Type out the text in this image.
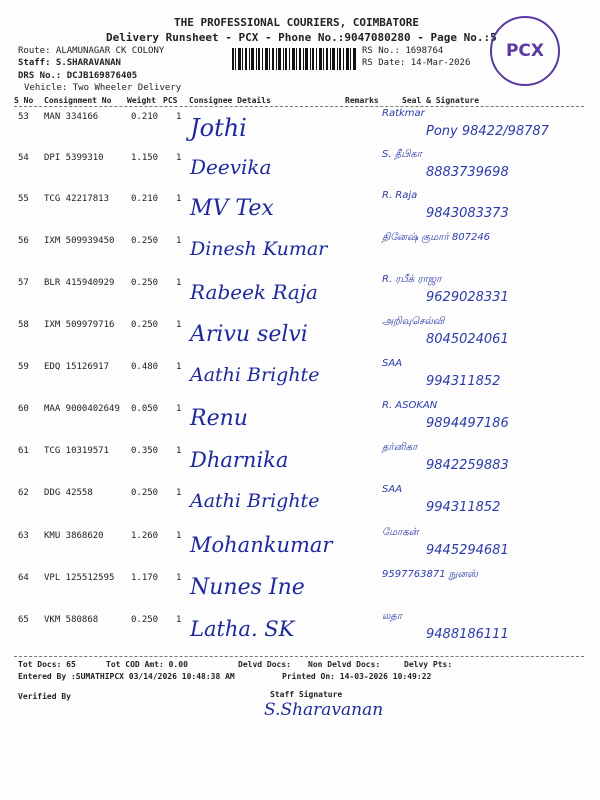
THE PROFESSIONAL COURIERS, COIMBATORE
Delivery Runsheet - PCX - Phone No.:9047080280 - Page No.:5
Route: ALAMUNAGAR CK COLONY
Staff: S.SHARAVANAN
DRS No.: DCJB169876405
Vehicle: Two Wheeler Delivery
RS No.: 1698764
RS Date: 14-Mar-2026
PCX
S No Consignment No Weight PCS Consignee Details	Remarks	Seal & Signature
53 MAN 334166	0.210 1 Jothi
Ratkmar
Pony 98422/98787
54 DPI 5399310	1.150 1 Deevika
S. தீபிகா
8883739698
55 TCG 42217813 0.210 1 MV Tex
R. Raja
9843083373
56 IXM 509939450 0.250 1 Dinesh Kumar
தினேஷ் குமார் 807246
57 BLR 415940929 0.250 1 Rabeek Raja
R. ரபீக் ராஜா
9629028331
58 IXM 509979716 0.250 1 Arivu selvi
அறிவுசெல்வி
8045024061
59 EDQ 15126917 0.480 1 Aathi Brighte
SAA
994311852
60 MAA 9000402649 0.050 1 Renu
R. ASOKAN
9894497186
61 TCG 10319571 0.350 1 Dharnika
தர்னிகா
9842259883
62 DDG 42558	0.250 1 Aathi Brighte
SAA
994311852
63 KMU 3868620	1.260 1 Mohankumar
மோகன்
9445294681
64 VPL 125512595 1.170 1 Nunes Ine
9597763871 நுனஸ்
65 VKM 580868	0.250 1 Latha. SK
லதா
9488186111
Tot Docs: 65	Tot COD Amt: 0.00	Delvd Docs: Non Delvd Docs:	Delvy Pts:
Entered By :SUMATHIPCX 03/14/2026 10:48:38 AM	Printed On: 14-03-2026 10:49:22
Verified By	Staff Signature
S.Sharavanan
